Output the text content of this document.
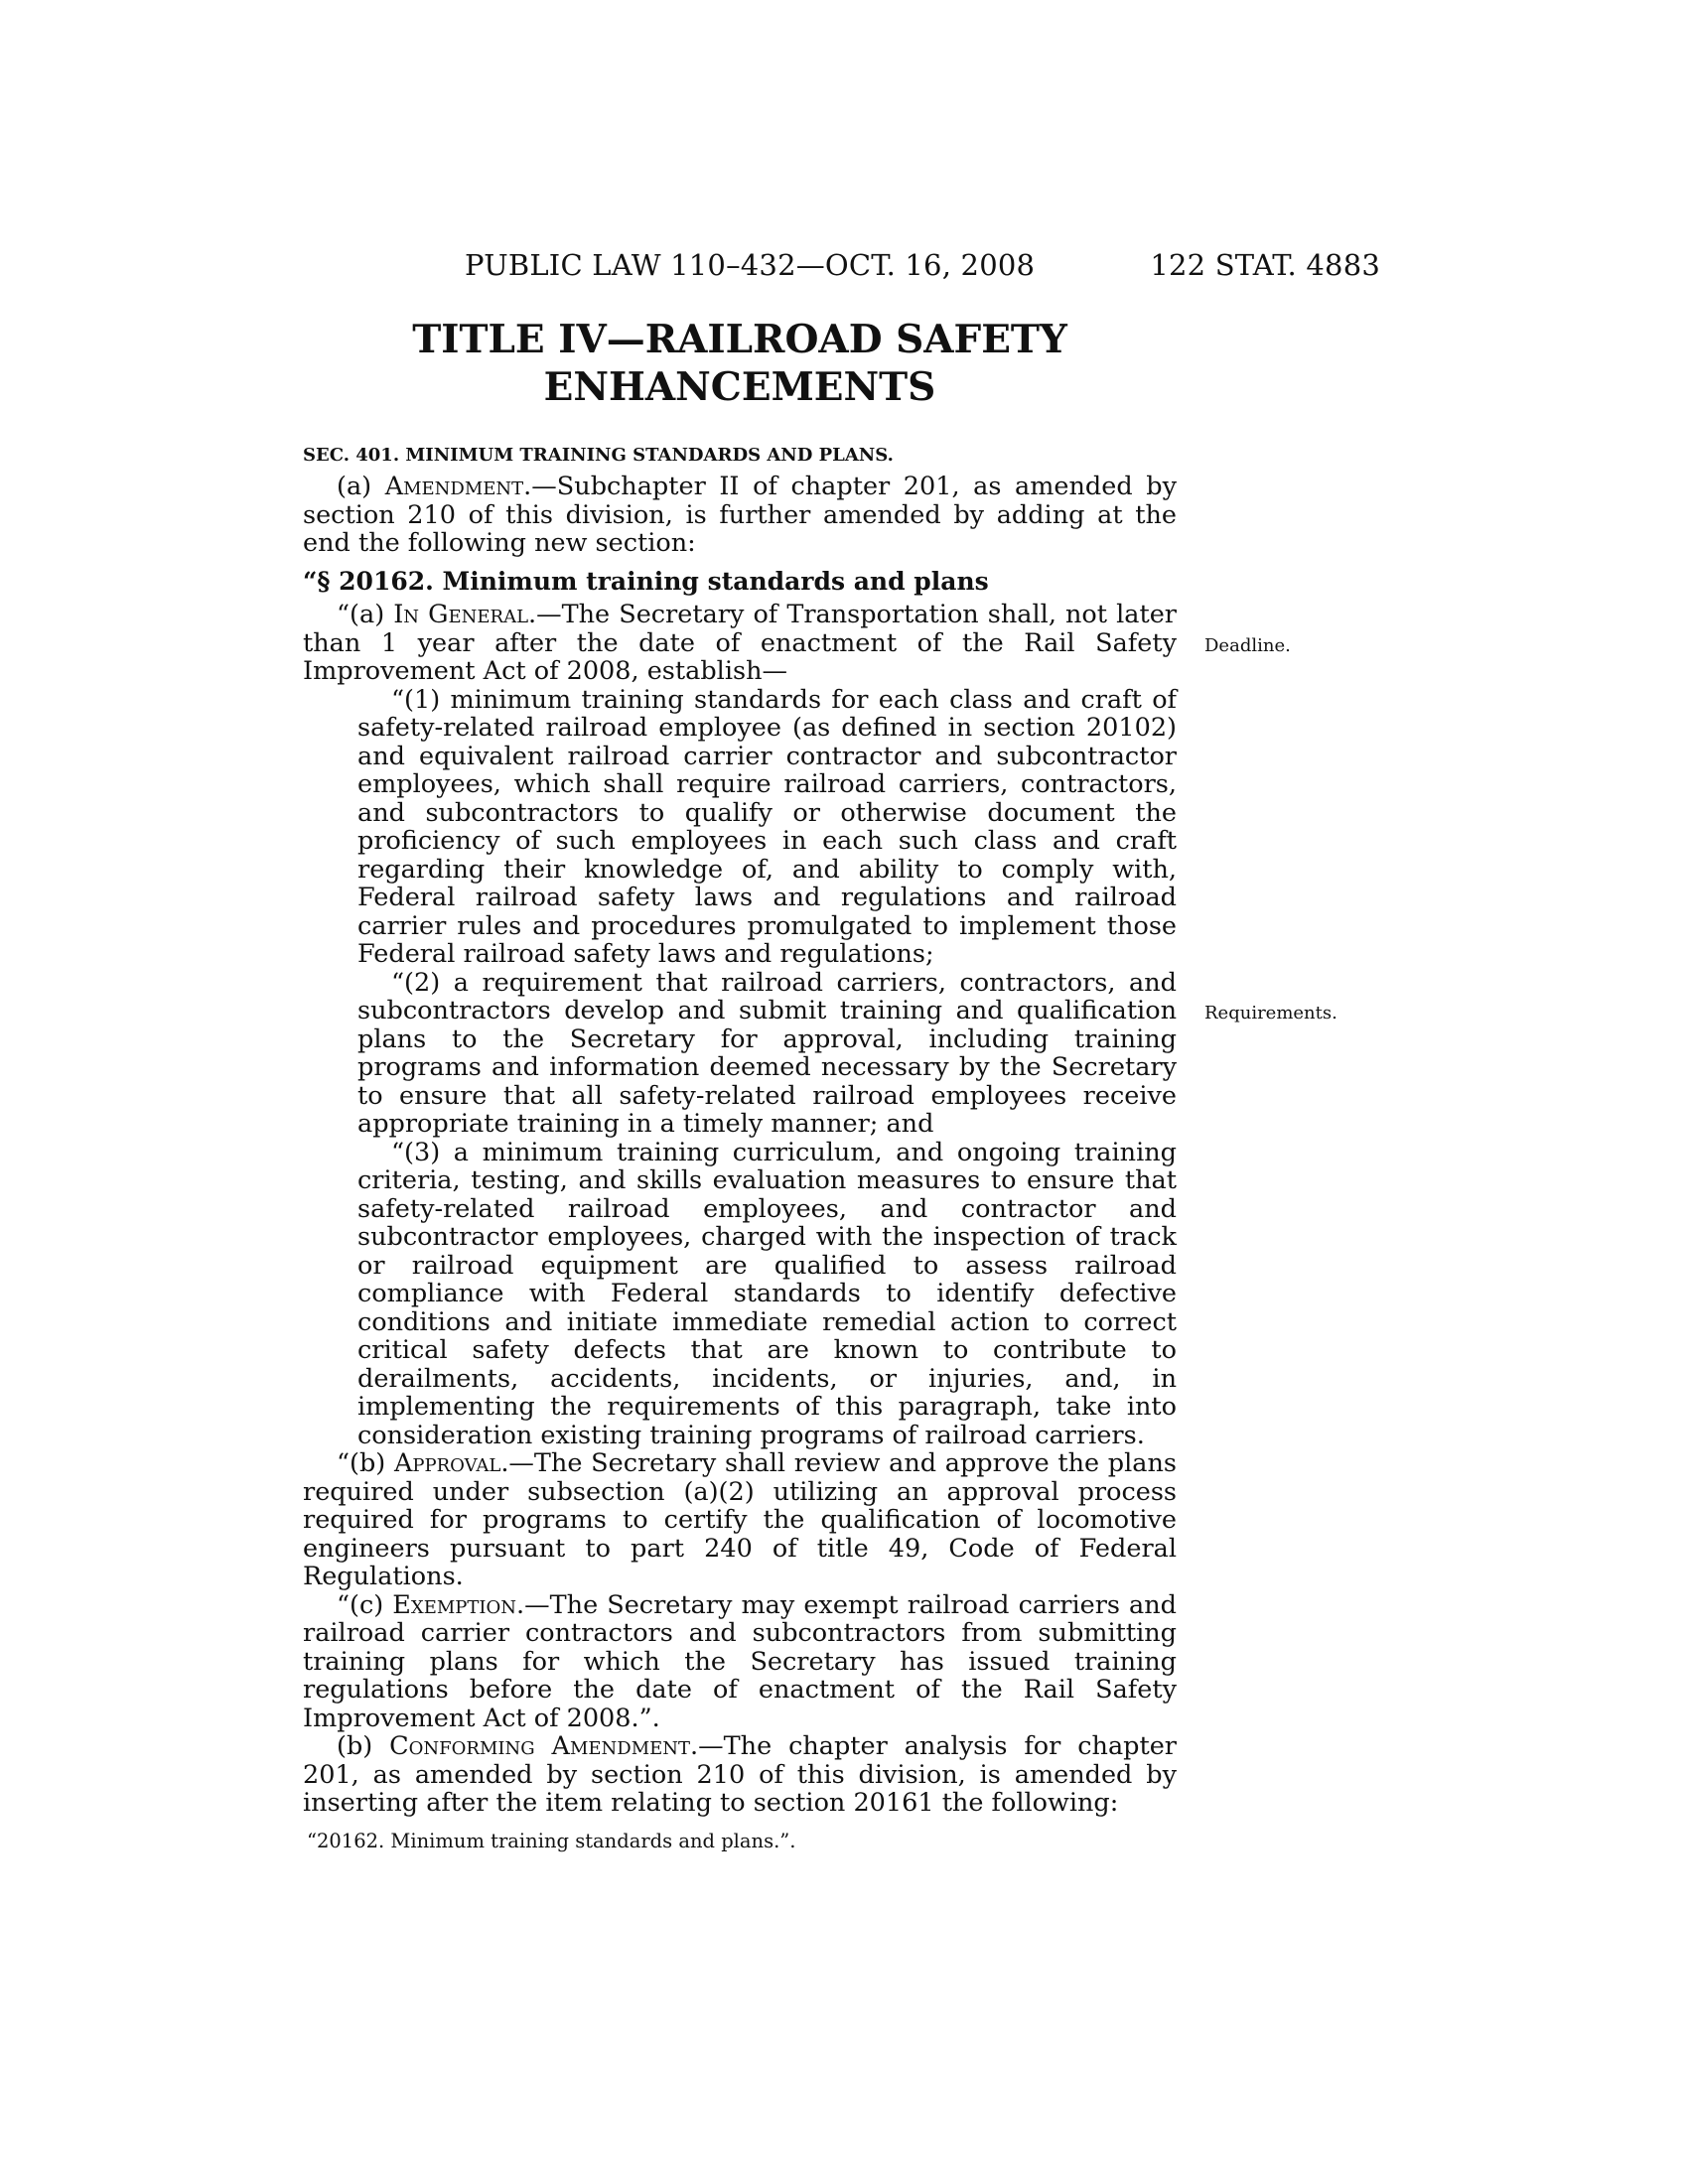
PUBLIC LAW 110–432—OCT. 16, 2008	122 STAT. 4883
TITLE IV—RAILROAD SAFETY
ENHANCEMENTS
SEC. 401. MINIMUM TRAINING STANDARDS AND PLANS.

(a) Amendment.—Subchapter II of chapter 201, as amended by section 210 of this division, is further amended by adding at the end the following new section:

“§ 20162. Minimum training standards and plans

“(a) In General.—The Secretary of Transportation shall, not later than 1 year after the date of enactment of the Rail Safety Improvement Act of 2008, establish—

“(1) minimum training standards for each class and craft of safety-related railroad employee (as defined in section 20102) and equivalent railroad carrier contractor and subcontractor employees, which shall require railroad carriers, contractors, and subcontractors to qualify or otherwise document the proficiency of such employees in each such class and craft regarding their knowledge of, and ability to comply with, Federal railroad safety laws and regulations and railroad carrier rules and procedures promulgated to implement those Federal railroad safety laws and regulations;

“(2) a requirement that railroad carriers, contractors, and subcontractors develop and submit training and qualification plans to the Secretary for approval, including training programs and information deemed necessary by the Secretary to ensure that all safety-related railroad employees receive appropriate training in a timely manner; and

“(3) a minimum training curriculum, and ongoing training criteria, testing, and skills evaluation measures to ensure that safety-related railroad employees, and contractor and subcontractor employees, charged with the inspection of track or railroad equipment are qualified to assess railroad compliance with Federal standards to identify defective conditions and initiate immediate remedial action to correct critical safety defects that are known to contribute to derailments, accidents, incidents, or injuries, and, in implementing the requirements of this paragraph, take into consideration existing training programs of railroad carriers.

“(b) Approval.—The Secretary shall review and approve the plans required under subsection (a)(2) utilizing an approval process required for programs to certify the qualification of locomotive engineers pursuant to part 240 of title 49, Code of Federal Regulations.

“(c) Exemption.—The Secretary may exempt railroad carriers and railroad carrier contractors and subcontractors from submitting training plans for which the Secretary has issued training regulations before the date of enactment of the Rail Safety Improvement Act of 2008.”.

(b) Conforming Amendment.—The chapter analysis for chapter 201, as amended by section 210 of this division, is amended by inserting after the item relating to section 20161 the following:

“20162. Minimum training standards and plans.”.
Deadline.
Requirements.
